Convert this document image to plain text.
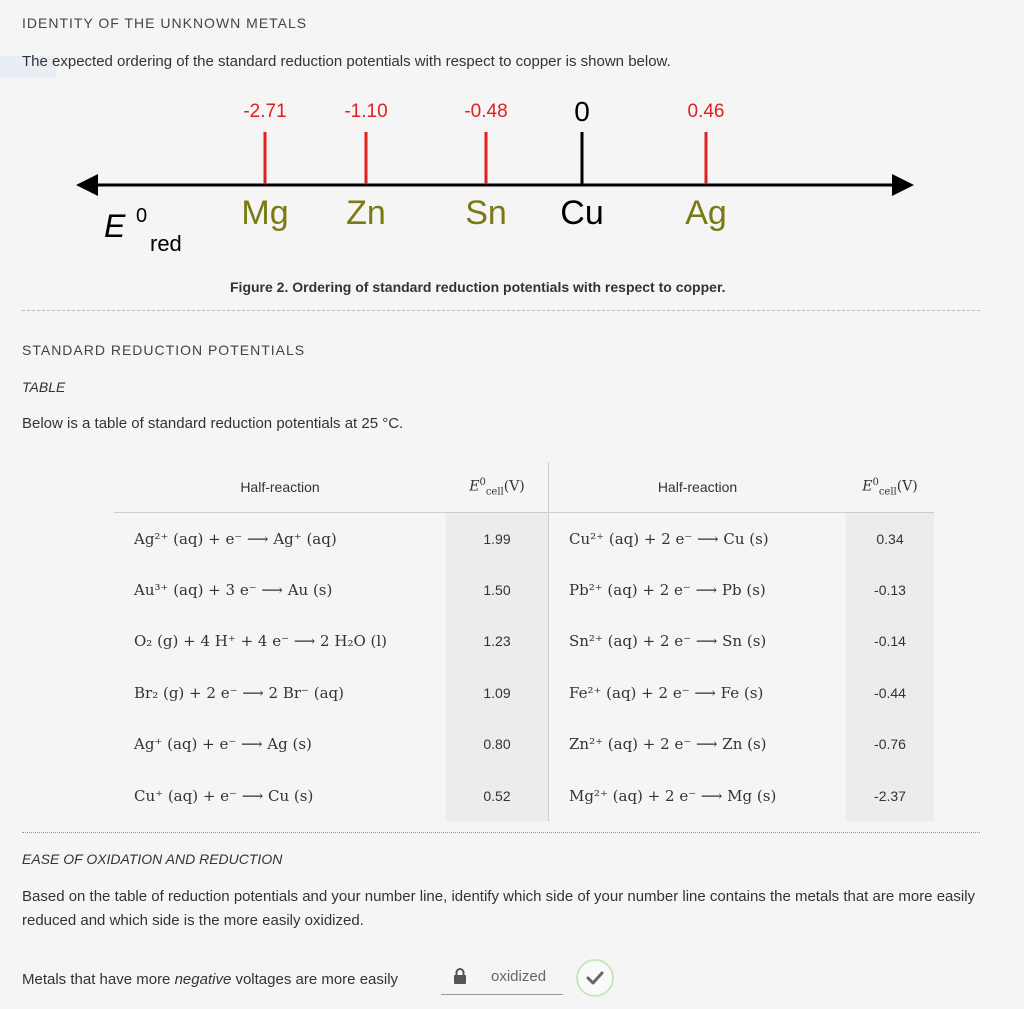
IDENTITY OF THE UNKNOWN METALS
The expected ordering of the standard reduction potentials with respect to copper is shown below.
-2.71
Mg
-1.10
Zn
-0.48
Sn
0
Cu
0.46
Ag
E 0
red
Figure 2. Ordering of standard reduction potentials with respect to copper.
STANDARD REDUCTION POTENTIALS
TABLE
Below is a table of standard reduction potentials at 25 °C.
Half-reaction	$E^0_{cell}(V)$	Half-reaction	$E^0_{cell}(V)$
Ag²⁺ (aq) + e⁻ ⟶ Ag⁺ (aq)	1.99	Cu²⁺ (aq) + 2 e⁻ ⟶ Cu (s)	0.34
Au³⁺ (aq) + 3 e⁻ ⟶ Au (s)	1.50	Pb²⁺ (aq) + 2 e⁻ ⟶ Pb (s)	-0.13
O₂ (g) + 4 H⁺ + 4 e⁻ ⟶ 2 H₂O (l)	1.23	Sn²⁺ (aq) + 2 e⁻ ⟶ Sn (s)	-0.14
Br₂ (g) + 2 e⁻ ⟶ 2 Br⁻ (aq)	1.09	Fe²⁺ (aq) + 2 e⁻ ⟶ Fe (s)	-0.44
Ag⁺ (aq) + e⁻ ⟶ Ag (s)	0.80	Zn²⁺ (aq) + 2 e⁻ ⟶ Zn (s)	-0.76
Cu⁺ (aq) + e⁻ ⟶ Cu (s)	0.52	Mg²⁺ (aq) + 2 e⁻ ⟶ Mg (s)	-2.37
EASE OF OXIDATION AND REDUCTION
Based on the table of reduction potentials and your number line, identify which side of your number line contains the metals that are more easily reduced and which side is the more easily oxidized.
Metals that have more negative voltages are more easily	oxidized
